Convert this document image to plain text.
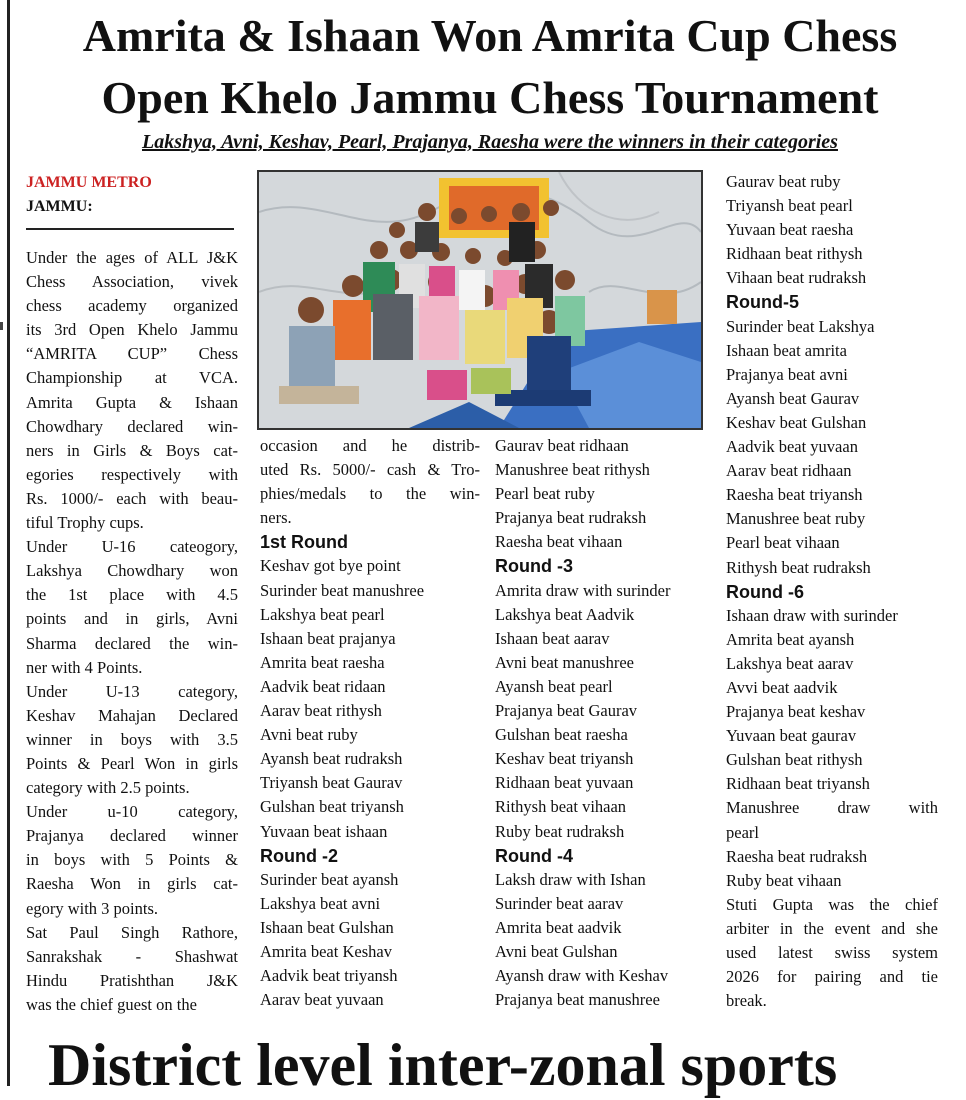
Amrita & Ishaan Won Amrita Cup Chess
Open Khelo Jammu Chess Tournament
Lakshya, Avni, Keshav, Pearl, Prajanya, Raesha were the winners in their categories
JAMMU METRO
JAMMU:
Under the ages of ALL J&K
Chess Association, vivek
chess academy organized
its 3rd Open Khelo Jammu
“AMRITA CUP” Chess
Championship at VCA.
Amrita Gupta & Ishaan
Chowdhary declared win-
ners in Girls & Boys cat-
egories respectively with
Rs. 1000/- each with beau-
tiful Trophy cups.
Under U-16 cateogory,
Lakshya Chowdhary won
the 1st place with 4.5
points and in girls, Avni
Sharma declared the win-
ner with 4 Points.
Under U-13 category,
Keshav Mahajan Declared
winner in boys with 3.5
Points & Pearl Won in girls
category with 2.5 points.
Under u-10 category,
Prajanya declared winner
in boys with 5 Points &
Raesha Won in girls cat-
egory with 3 points.
Sat Paul Singh Rathore,
Sanrakshak - Shashwat
Hindu Pratishthan J&K
was the chief guest on the
occasion and he distrib-
uted Rs. 5000/- cash & Tro-
phies/medals to the win-
ners.
1st Round
Keshav got bye point
Surinder beat manushree
Lakshya beat pearl
Ishaan beat prajanya
Amrita beat raesha
Aadvik beat ridaan
Aarav beat rithysh
Avni beat ruby
Ayansh beat rudraksh
Triyansh beat Gaurav
Gulshan beat triyansh
Yuvaan beat ishaan
Round -2
Surinder beat ayansh
Lakshya beat avni
Ishaan beat Gulshan
Amrita beat Keshav
Aadvik beat triyansh
Aarav beat yuvaan
Gaurav beat ridhaan
Manushree beat rithysh
Pearl beat ruby
Prajanya beat rudraksh
Raesha beat vihaan
Round -3
Amrita draw with surinder
Lakshya beat Aadvik
Ishaan beat aarav
Avni beat manushree
Ayansh beat pearl
Prajanya beat Gaurav
Gulshan beat raesha
Keshav beat triyansh
Ridhaan beat yuvaan
Rithysh beat vihaan
Ruby beat rudraksh
Round -4
Laksh draw with Ishan
Surinder beat aarav
Amrita beat aadvik
Avni beat Gulshan
Ayansh draw with Keshav
Prajanya beat manushree
Gaurav beat ruby
Triyansh beat pearl
Yuvaan beat raesha
Ridhaan beat rithysh
Vihaan beat rudraksh
Round-5
Surinder beat Lakshya
Ishaan beat amrita
Prajanya beat avni
Ayansh beat Gaurav
Keshav beat Gulshan
Aadvik beat yuvaan
Aarav beat ridhaan
Raesha beat triyansh
Manushree beat ruby
Pearl beat vihaan
Rithysh beat rudraksh
Round -6
Ishaan draw with surinder
Amrita beat ayansh
Lakshya beat aarav
Avvi beat aadvik
Prajanya beat keshav
Yuvaan beat gaurav
Gulshan beat rithysh
Ridhaan beat triyansh
Manushree draw with
pearl
Raesha beat rudraksh
Ruby beat vihaan
Stuti Gupta was the chief
arbiter in the event and she
used latest swiss system
2026 for pairing and tie
break.
District level inter-zonal sports
